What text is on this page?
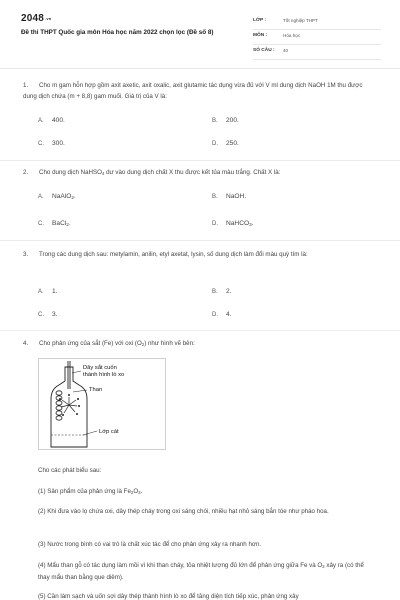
2048.vn
Đề thi THPT Quốc gia môn Hóa học năm 2022 chọn lọc (Đề số 8)
LỚP :	Tốt nghiệp THPT
MÔN :	Hóa học
SỐ CÂU : 40
1. Cho m gam hỗn hợp gồm axit axetic, axit oxalic, axit glutamic tác dụng vừa đủ với V ml dung dịch NaOH 1M thu được dung dịch chứa (m + 8,8) gam muối. Giá trị của V là:
A. 400.	B. 200.
C. 300.	D. 250.
2. Cho dung dịch NaHSO$_4$ dư vào dung dịch chất X thu được kết tủa màu trắng. Chất X là:
A. NaAlO$_2$.	B. NaOH.
C. BaCl$_2$.	D. NaHCO$_3$.
3. Trong các dung dịch sau: metylamin, anilin, etyl axetat, lysin, số dung dịch làm đổi màu quỳ tím là:
A. 1.	B. 2.
C. 3.	D. 4.
4. Cho phản ứng của sắt (Fe) với oxi $(O_2)$ như hình vẽ bên:
Dây sắt cuốn
thành hình lò xo
Than
Lớp cát
Cho các phát biểu sau:
(1) Sản phẩm của phản ứng là $Fe_2O_3$.
(2) Khi đưa vào lọ chứa oxi, dây thép cháy trong oxi sáng chói, nhiều hạt nhỏ sáng bắn tóe như pháo hoa.
(3) Nước trong bình có vai trò là chất xúc tác để cho phản ứng xảy ra nhanh hơn.
(4) Mẩu than gỗ có tác dụng làm mồi vì khi than cháy, tỏa nhiệt lượng đủ lớn để phản ứng giữa Fe và $O_2$ xảy ra (có thể thay mẩu than bằng que diêm).
(5) Cần làm sạch và uốn sợi dây thép thành hình lò xo để tăng diện tích tiếp xúc, phản ứng xảy
